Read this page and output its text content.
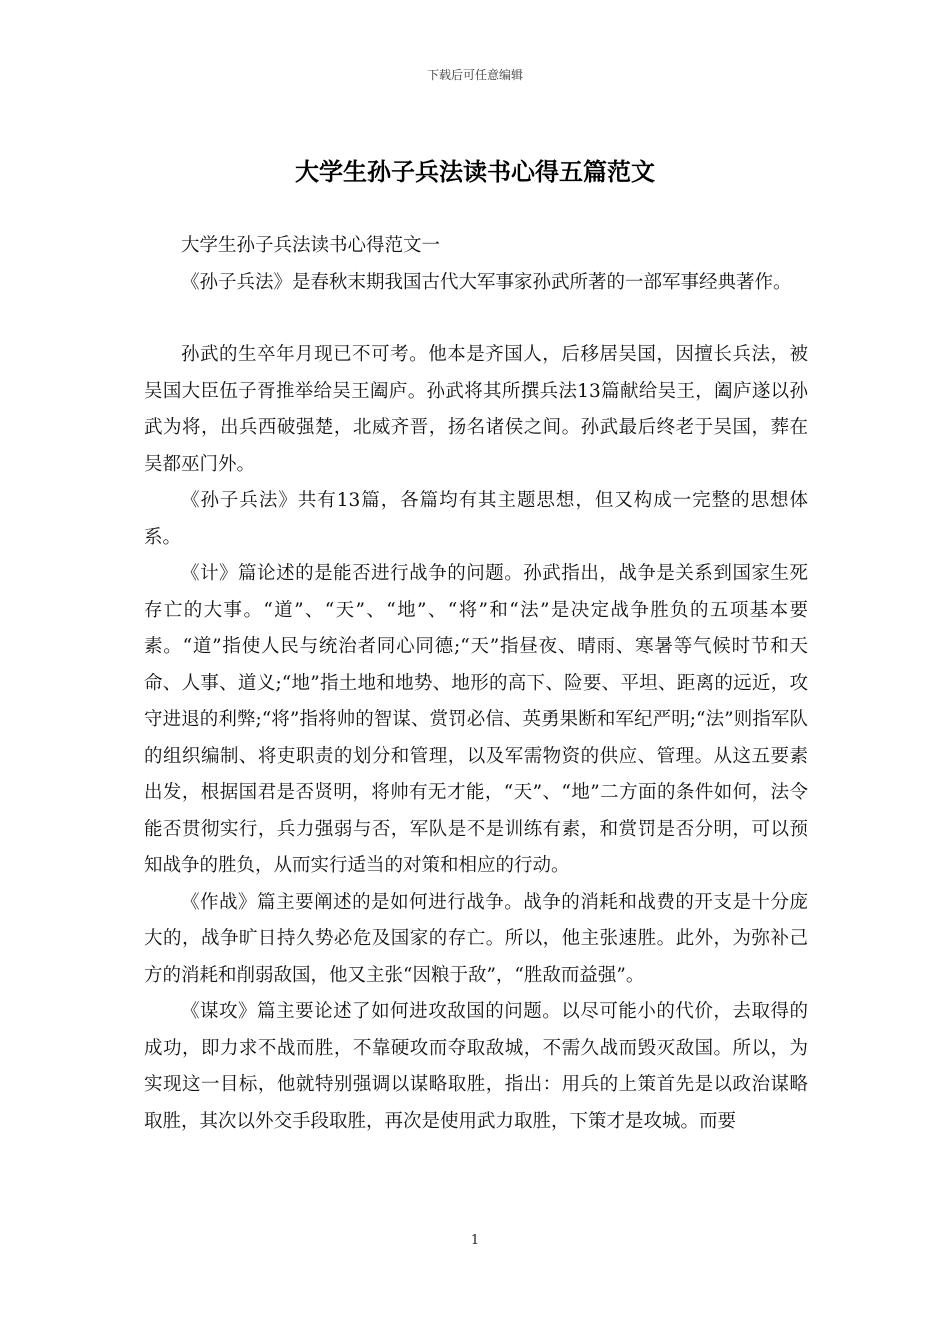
下载后可任意编辑
大学生孙子兵法读书心得五篇范文

大学生孙子兵法读书心得范文一

《孙子兵法》是春秋末期我国古代大军事家孙武所著的一部军事经典著作。

孙武的生卒年月现已不可考。他本是齐国人，后移居吴国，因擅长兵法，被吴国大臣伍子胥推举给吴王阖庐。孙武将其所撰兵法13篇献给吴王，阖庐遂以孙武为将，出兵西破强楚，北威齐晋，扬名诸侯之间。孙武最后终老于吴国，葬在吴都巫门外。

《孙子兵法》共有13篇，各篇均有其主题思想，但又构成一完整的思想体系。

《计》篇论述的是能否进行战争的问题。孙武指出，战争是关系到国家生死存亡的大事。“道”、“天”、“地”、“将”和“法”是决定战争胜负的五项基本要素。“道”指使人民与统治者同心同德;“天”指昼夜、晴雨、寒暑等气候时节和天命、人事、道义;“地”指土地和地势、地形的高下、险要、平坦、距离的远近，攻守进退的利弊;“将”指将帅的智谋、赏罚必信、英勇果断和军纪严明;“法”则指军队的组织编制、将吏职责的划分和管理，以及军需物资的供应、管理。从这五要素出发，根据国君是否贤明，将帅有无才能，“天”、“地”二方面的条件如何，法令能否贯彻实行，兵力强弱与否，军队是不是训练有素，和赏罚是否分明，可以预知战争的胜负，从而实行适当的对策和相应的行动。

《作战》篇主要阐述的是如何进行战争。战争的消耗和战费的开支是十分庞大的，战争旷日持久势必危及国家的存亡。所以，他主张速胜。此外，为弥补己方的消耗和削弱敌国，他又主张“因粮于敌”，“胜敌而益强”。

《谋攻》篇主要论述了如何进攻敌国的问题。以尽可能小的代价，去取得的成功，即力求不战而胜，不靠硬攻而夺取敌城，不需久战而毁灭敌国。所以，为实现这一目标，他就特别强调以谋略取胜，指出：用兵的上策首先是以政治谋略取胜，其次以外交手段取胜，再次是使用武力取胜，下策才是攻城。而要

1
